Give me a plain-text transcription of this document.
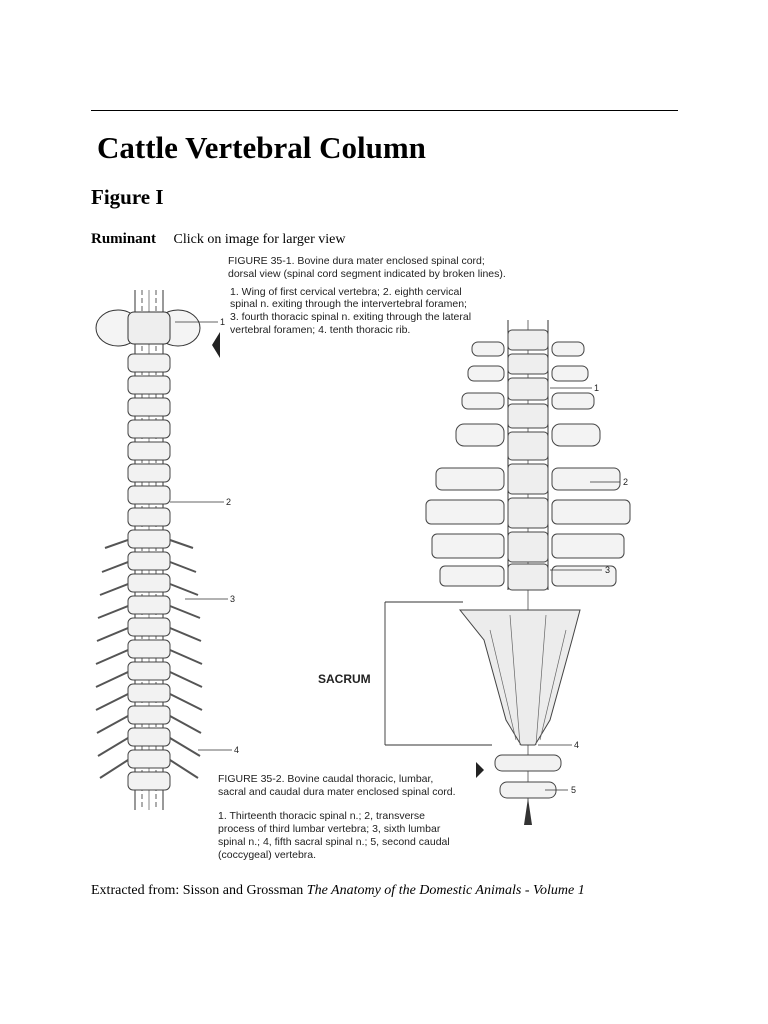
Cattle Vertebral Column
Figure I
Ruminant Click on image for larger view
FIGURE 35-1. Bovine dura mater enclosed spinal cord;
dorsal view (spinal cord segment indicated by broken lines).
1. Wing of first cervical vertebra; 2. eighth cervical
spinal n. exiting through the intervertebral foramen;
3. fourth thoracic spinal n. exiting through the lateral
vertebral foramen; 4. tenth thoracic rib.
1
2
3
4
1
2
3
4
5
SACRUM
FIGURE 35-2. Bovine caudal thoracic, lumbar,
sacral and caudal dura mater enclosed spinal cord.
1. Thirteenth thoracic spinal n.; 2, transverse
process of third lumbar vertebra; 3, sixth lumbar
spinal n.; 4, fifth sacral spinal n.; 5, second caudal
(coccygeal) vertebra.
Extracted from: Sisson and Grossman The Anatomy of the Domestic Animals - Volume 1
